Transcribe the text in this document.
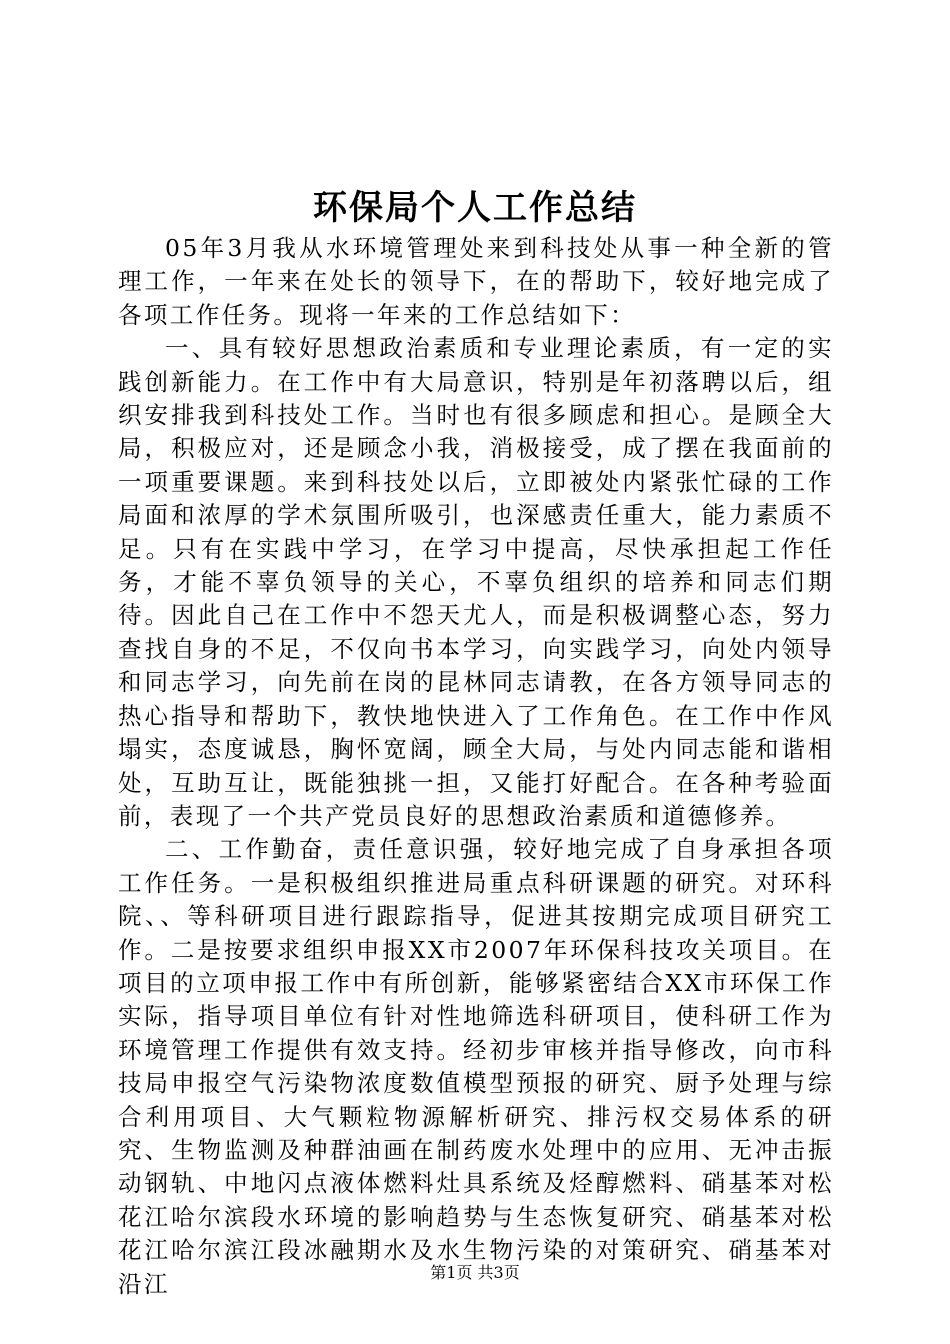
环保局个人工作总结

05年3月我从水环境管理处来到科技处从事一种全新的管理工作，一年来在处长的领导下，在的帮助下，较好地完成了各项工作任务。现将一年来的工作总结如下：

一、具有较好思想政治素质和专业理论素质，有一定的实践创新能力。在工作中有大局意识，特别是年初落聘以后，组织安排我到科技处工作。当时也有很多顾虑和担心。是顾全大局，积极应对，还是顾念小我，消极接受，成了摆在我面前的一项重要课题。来到科技处以后，立即被处内紧张忙碌的工作局面和浓厚的学术氛围所吸引，也深感责任重大，能力素质不足。只有在实践中学习，在学习中提高，尽快承担起工作任务，才能不辜负领导的关心，不辜负组织的培养和同志们期待。因此自己在工作中不怨天尤人，而是积极调整心态，努力查找自身的不足，不仅向书本学习，向实践学习，向处内领导和同志学习，向先前在岗的昆林同志请教，在各方领导同志的热心指导和帮助下，教快地快进入了工作角色。在工作中作风塌实，态度诚恳，胸怀宽阔，顾全大局，与处内同志能和谐相处，互助互让，既能独挑一担，又能打好配合。在各种考验面前，表现了一个共产党员良好的思想政治素质和道德修养。

二、工作勤奋，责任意识强，较好地完成了自身承担各项工作任务。一是积极组织推进局重点科研课题的研究。对环科院、、等科研项目进行跟踪指导，促进其按期完成项目研究工作。二是按要求组织申报XX市2007年环保科技攻关项目。在项目的立项申报工作中有所创新，能够紧密结合XX市环保工作实际，指导项目单位有针对性地筛选科研项目，使科研工作为环境管理工作提供有效支持。经初步审核并指导修改，向市科技局申报空气污染物浓度数值模型预报的研究、厨予处理与综合利用项目、大气颗粒物源解析研究、排污权交易体系的研究、生物监测及种群油画在制药废水处理中的应用、无冲击振动钢轨、中地闪点液体燃料灶具系统及烃醇燃料、硝基苯对松花江哈尔滨段水环境的影响趋势与生态恢复研究、硝基苯对松花江哈尔滨江段冰融期水及水生物污染的对策研究、硝基苯对沿江	第1页 共3页
